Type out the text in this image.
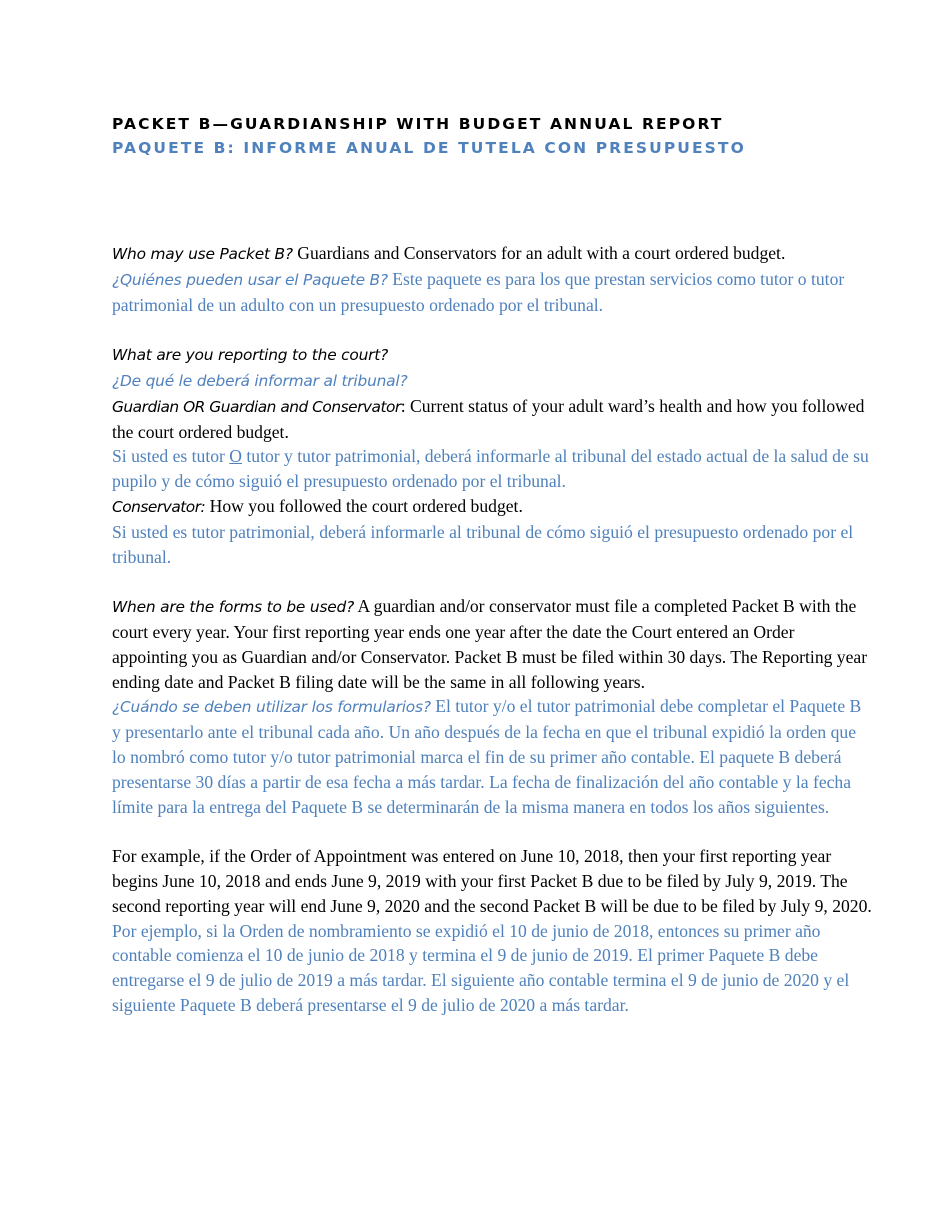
PACKET B—GUARDIANSHIP WITH BUDGET ANNUAL REPORT
PAQUETE B: INFORME ANUAL DE TUTELA CON PRESUPUESTO

Who may use Packet B? Guardians and Conservators for an adult with a court ordered budget.

¿Quiénes pueden usar el Paquete B? Este paquete es para los que prestan servicios como tutor o tutor patrimonial de un adulto con un presupuesto ordenado por el tribunal.

What are you reporting to the court?

¿De qué le deberá informar al tribunal?

Guardian OR Guardian and Conservator: Current status of your adult ward’s health and how you followed the court ordered budget.

Si usted es tutor O tutor y tutor patrimonial, deberá informarle al tribunal del estado actual de la salud de su pupilo y de cómo siguió el presupuesto ordenado por el tribunal.

Conservator: How you followed the court ordered budget.

Si usted es tutor patrimonial, deberá informarle al tribunal de cómo siguió el presupuesto ordenado por el tribunal.

When are the forms to be used? A guardian and/or conservator must file a completed Packet B with the court every year. Your first reporting year ends one year after the date the Court entered an Order appointing you as Guardian and/or Conservator. Packet B must be filed within 30 days. The Reporting year ending date and Packet B filing date will be the same in all following years.

¿Cuándo se deben utilizar los formularios? El tutor y/o el tutor patrimonial debe completar el Paquete B y presentarlo ante el tribunal cada año. Un año después de la fecha en que el tribunal expidió la orden que lo nombró como tutor y/o tutor patrimonial marca el fin de su primer año contable. El paquete B deberá presentarse 30 días a partir de esa fecha a más tardar. La fecha de finalización del año contable y la fecha límite para la entrega del Paquete B se determinarán de la misma manera en todos los años siguientes.

For example, if the Order of Appointment was entered on June 10, 2018, then your first reporting year begins June 10, 2018 and ends June 9, 2019 with your first Packet B due to be filed by July 9, 2019. The second reporting year will end June 9, 2020 and the second Packet B will be due to be filed by July 9, 2020.

Por ejemplo, si la Orden de nombramiento se expidió el 10 de junio de 2018, entonces su primer año contable comienza el 10 de junio de 2018 y termina el 9 de junio de 2019. El primer Paquete B debe entregarse el 9 de julio de 2019 a más tardar. El siguiente año contable termina el 9 de junio de 2020 y el siguiente Paquete B deberá presentarse el 9 de julio de 2020 a más tardar.
